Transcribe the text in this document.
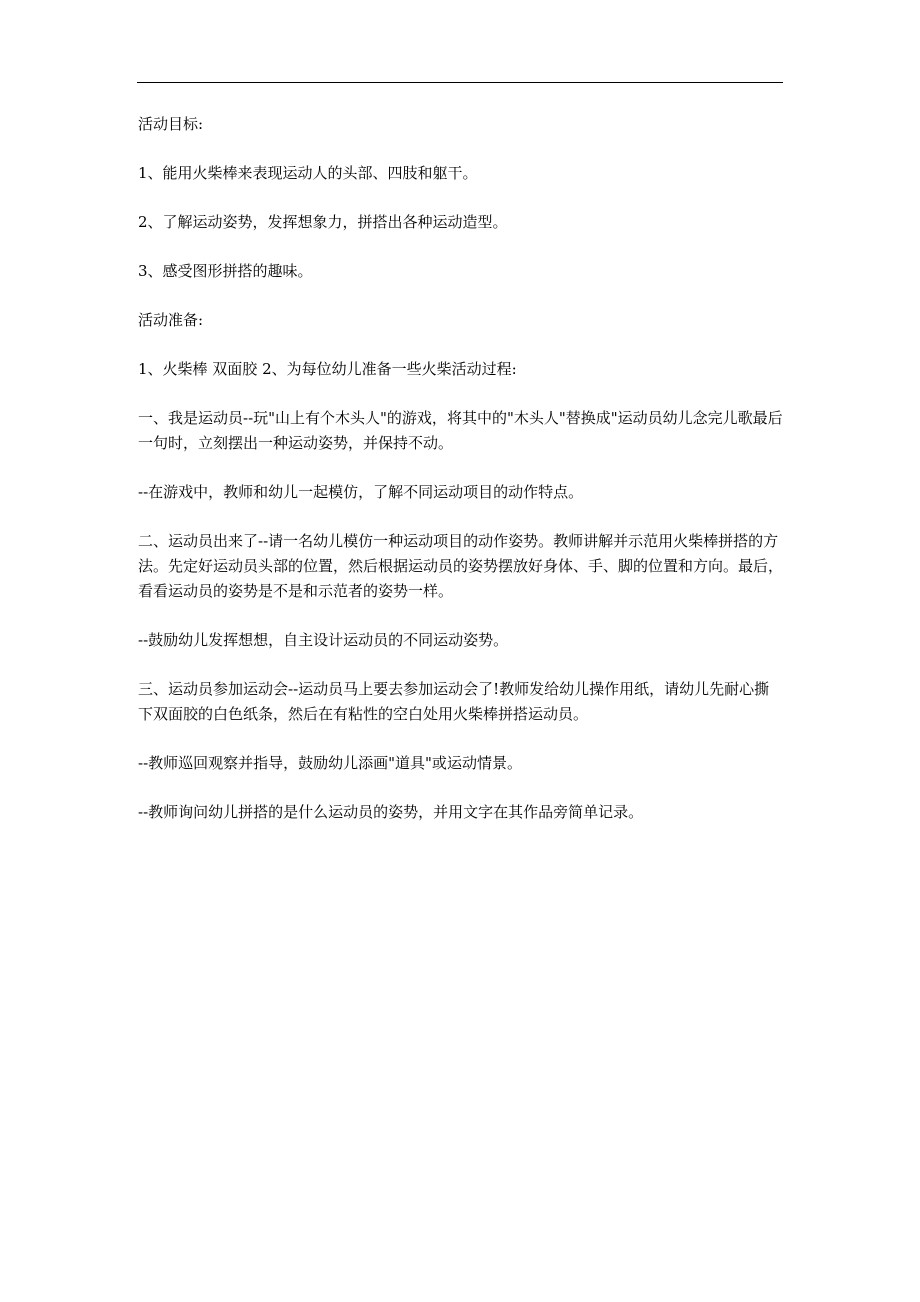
活动目标:

1、能用火柴棒来表现运动人的头部、四肢和躯干。

2、了解运动姿势，发挥想象力，拼搭出各种运动造型。

3、感受图形拼搭的趣味。

活动准备:

1、火柴棒 双面胶 2、为每位幼儿准备一些火柴活动过程:

一、我是运动员--玩"山上有个木头人"的游戏，将其中的"木头人"替换成"运动员幼儿念完儿歌最后一句时，立刻摆出一种运动姿势，并保持不动。

--在游戏中，教师和幼儿一起模仿，了解不同运动项目的动作特点。

二、运动员出来了--请一名幼儿模仿一种运动项目的动作姿势。教师讲解并示范用火柴棒拼搭的方法。先定好运动员头部的位置，然后根据运动员的姿势摆放好身体、手、脚的位置和方向。最后，看看运动员的姿势是不是和示范者的姿势一样。

--鼓励幼儿发挥想想，自主设计运动员的不同运动姿势。

三、运动员参加运动会--运动员马上要去参加运动会了!教师发给幼儿操作用纸，请幼儿先耐心撕下双面胶的白色纸条，然后在有粘性的空白处用火柴棒拼搭运动员。

--教师巡回观察并指导，鼓励幼儿添画"道具"或运动情景。

--教师询问幼儿拼搭的是什么运动员的姿势，并用文字在其作品旁简单记录。
